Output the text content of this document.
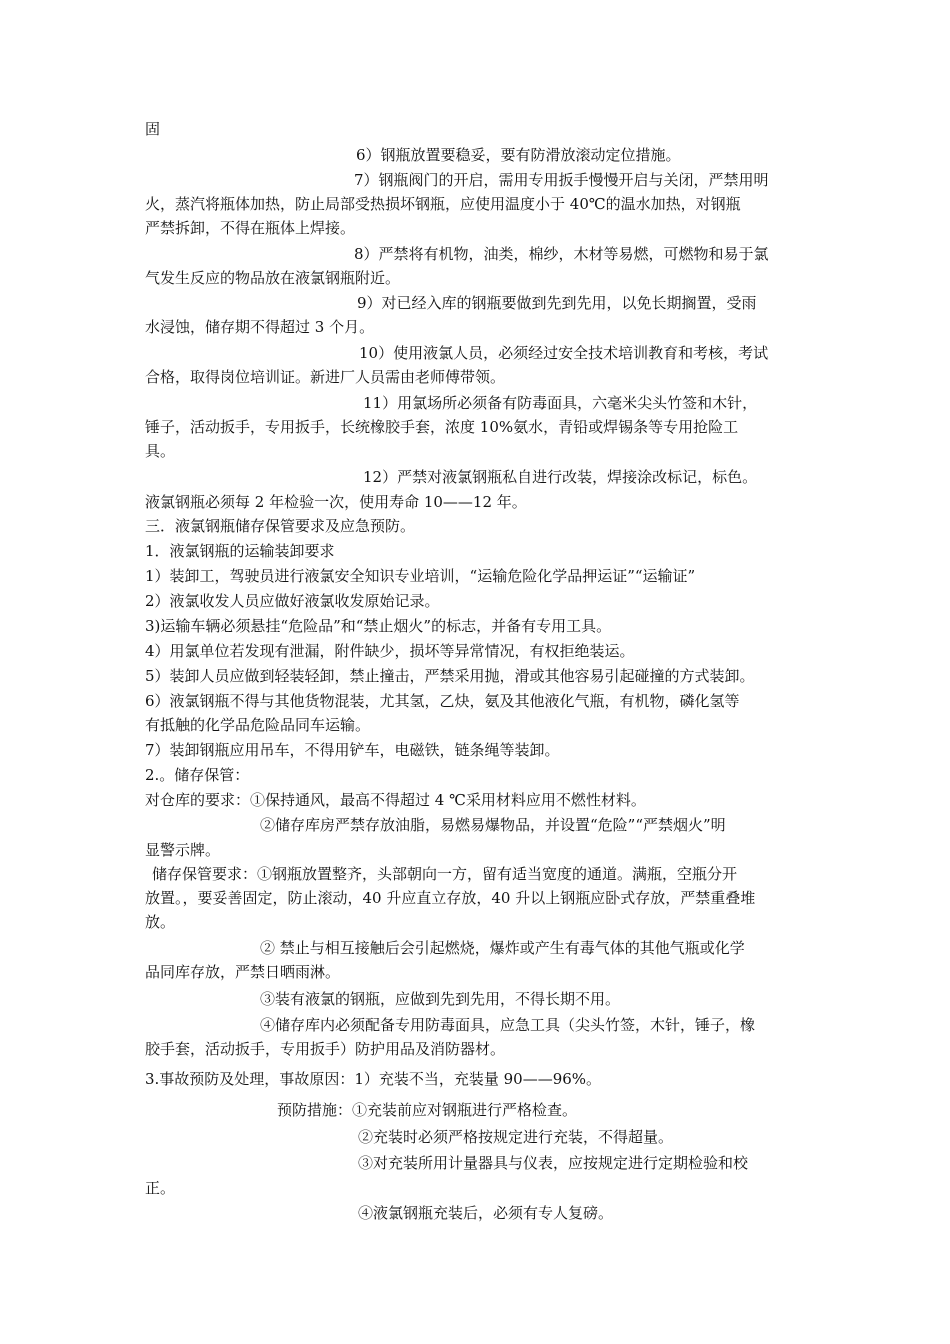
固
6）钢瓶放置要稳妥，要有防滑放滚动定位措施。
7）钢瓶阀门的开启，需用专用扳手慢慢开启与关闭，严禁用明
火，蒸汽将瓶体加热，防止局部受热损坏钢瓶，应使用温度小于 40℃的温水加热，对钢瓶
严禁拆卸，不得在瓶体上焊接。
8）严禁将有机物，油类，棉纱，木材等易燃，可燃物和易于氯
气发生反应的物品放在液氯钢瓶附近。
9）对已经入库的钢瓶要做到先到先用，以免长期搁置，受雨
水浸蚀，储存期不得超过 3 个月。
10）使用液氯人员，必须经过安全技术培训教育和考核，考试
合格，取得岗位培训证。新进厂人员需由老师傅带领。
11）用氯场所必须备有防毒面具，六毫米尖头竹签和木针，
锤子，活动扳手，专用扳手，长统橡胶手套，浓度 10%氨水，青铅或焊锡条等专用抢险工
具。
12）严禁对液氯钢瓶私自进行改装，焊接涂改标记，标色。
液氯钢瓶必须每 2 年检验一次，使用寿命 10——12 年。
三．液氯钢瓶储存保管要求及应急预防。
1．液氯钢瓶的运输装卸要求
1）装卸工，驾驶员进行液氯安全知识专业培训，“运输危险化学品押运证”“运输证”
2）液氯收发人员应做好液氯收发原始记录。
3)运输车辆必须悬挂“危险品”和“禁止烟火”的标志，并备有专用工具。
4）用氯单位若发现有泄漏，附件缺少，损坏等异常情况，有权拒绝装运。
5）装卸人员应做到轻装轻卸，禁止撞击，严禁采用抛，滑或其他容易引起碰撞的方式装卸。
6）液氯钢瓶不得与其他货物混装，尤其氢，乙炔，氨及其他液化气瓶，有机物，磷化氢等
有抵触的化学品危险品同车运输。
7）装卸钢瓶应用吊车，不得用铲车，电磁铁，链条绳等装卸。
2.。储存保管：
对仓库的要求：①保持通风，最高不得超过 4 ℃采用材料应用不燃性材料。
②储存库房严禁存放油脂，易燃易爆物品，并设置“危险”“严禁烟火”明
显警示牌。
储存保管要求：①钢瓶放置整齐，头部朝向一方，留有适当宽度的通道。满瓶，空瓶分开
放置。，要妥善固定，防止滚动，40 升应直立存放，40 升以上钢瓶应卧式存放，严禁重叠堆
放。
② 禁止与相互接触后会引起燃烧，爆炸或产生有毒气体的其他气瓶或化学
品同库存放，严禁日晒雨淋。
③装有液氯的钢瓶，应做到先到先用，不得长期不用。
④储存库内必须配备专用防毒面具，应急工具（尖头竹签，木针，锤子，橡
胶手套，活动扳手，专用扳手）防护用品及消防器材。
3.事故预防及处理，事故原因：1）充装不当，充装量 90——96%。
预防措施：①充装前应对钢瓶进行严格检查。
②充装时必须严格按规定进行充装，不得超量。
③对充装所用计量器具与仪表，应按规定进行定期检验和校
正。
④液氯钢瓶充装后，必须有专人复磅。
